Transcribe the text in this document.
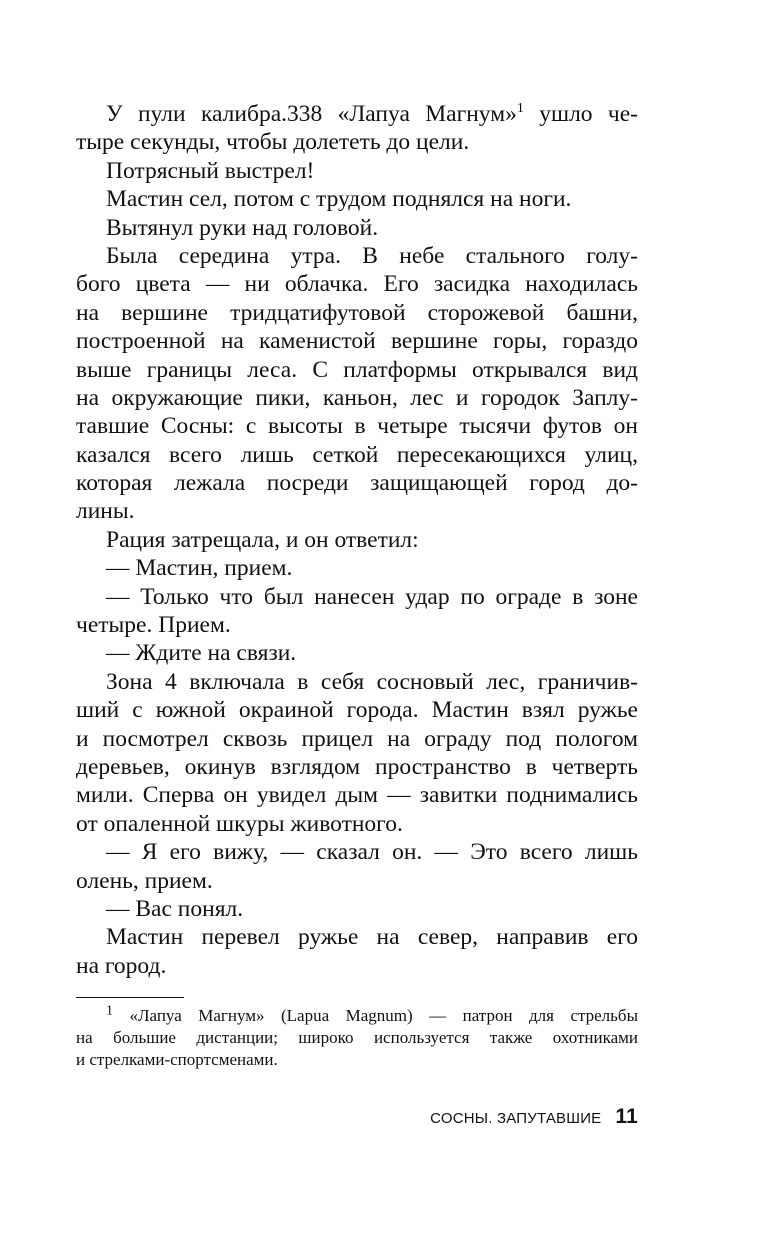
У пули калибра.338 «Лапуа Магнум»$^1$ ушло че-
тыре секунды, чтобы долететь до цели.
Потрясный выстрел!
Мастин сел, потом с трудом поднялся на ноги.
Вытянул руки над головой.
Была середина утра. В небе стального голу-
бого цвета — ни облачка. Его засидка находилась
на вершине тридцатифутовой сторожевой башни,
построенной на каменистой вершине горы, гораздо
выше границы леса. С платформы открывался вид
на окружающие пики, каньон, лес и городок Заплу-
тавшие Сосны: с высоты в четыре тысячи футов он
казался всего лишь сеткой пересекающихся улиц,
которая лежала посреди защищающей город до-
лины.
Рация затрещала, и он ответил:
— Мастин, прием.
— Только что был нанесен удар по ограде в зоне
четыре. Прием.
— Ждите на связи.
Зона 4 включала в себя сосновый лес, граничив-
ший с южной окраиной города. Мастин взял ружье
и посмотрел сквозь прицел на ограду под пологом
деревьев, окинув взглядом пространство в четверть
мили. Сперва он увидел дым — завитки поднимались
от опаленной шкуры животного.
— Я его вижу, — сказал он. — Это всего лишь
олень, прием.
— Вас понял.
Мастин перевел ружье на север, направив его
на город.
$^1$ «Лапуа Магнум» (Lapua Magnum) — патрон для стрельбы
на большие дистанции; широко используется также охотниками
и стрелками-спортсменами.
СОСНЫ. ЗАПУТАВШИЕ 11
